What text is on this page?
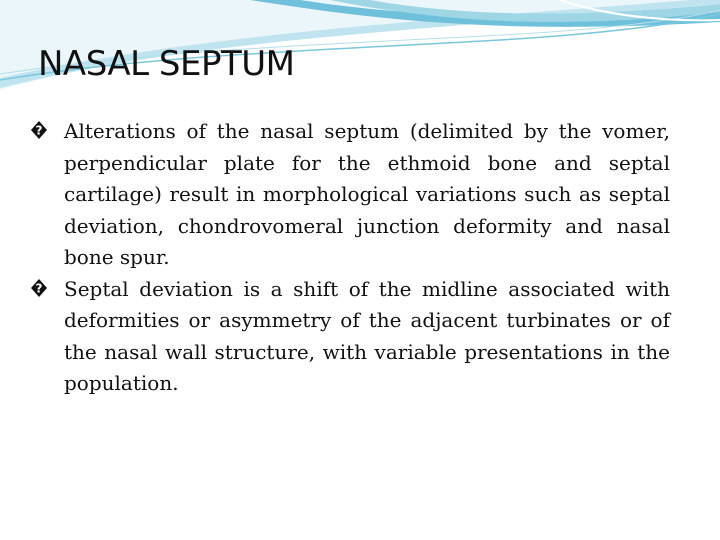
NASAL SEPTUM

? Alterations of the nasal septum (delimited by the vomer, perpendicular plate for the ethmoid bone and septal cartilage) result in morphological variations such as septal deviation, chondrovomeral junction deformity and nasal bone spur.

? Septal deviation is a shift of the midline associated with deformities or asymmetry of the adjacent turbinates or of the nasal wall structure, with variable presentations in the population.
